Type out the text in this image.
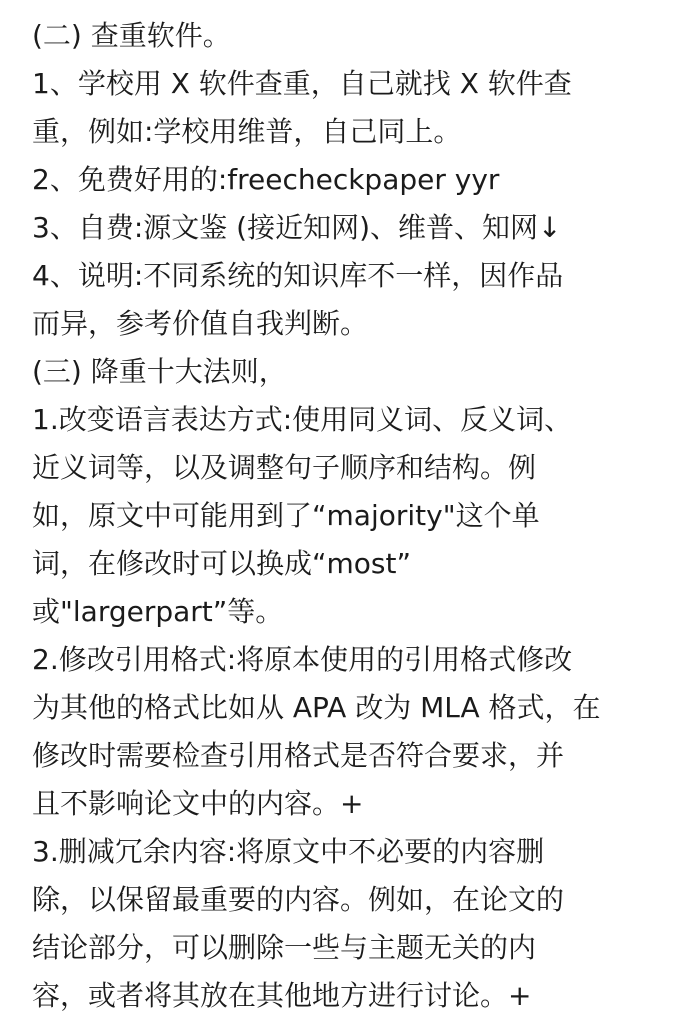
(二) 查重软件。
1、学校用 X 软件查重，自己就找 X 软件查
重，例如:学校用维普，自己同上。
2、免费好用的:freecheckpaper yyr
3、自费:源文鉴 (接近知网)、维普、知网↓
4、说明:不同系统的知识库不一样，因作品
而异，参考价值自我判断。
(三) 降重十大法则，
1.改变语言表达方式:使用同义词、反义词、
近义词等，以及调整句子顺序和结构。例
如，原文中可能用到了“majority"这个单
词，在修改时可以换成“most”
或"largerpart”等。
2.修改引用格式:将原本使用的引用格式修改
为其他的格式比如从 APA 改为 MLA 格式，在
修改时需要检查引用格式是否符合要求，并
且不影响论文中的内容。+
3.删减冗余内容:将原文中不必要的内容删
除，以保留最重要的内容。例如，在论文的
结论部分，可以删除一些与主题无关的内
容，或者将其放在其他地方进行讨论。+
